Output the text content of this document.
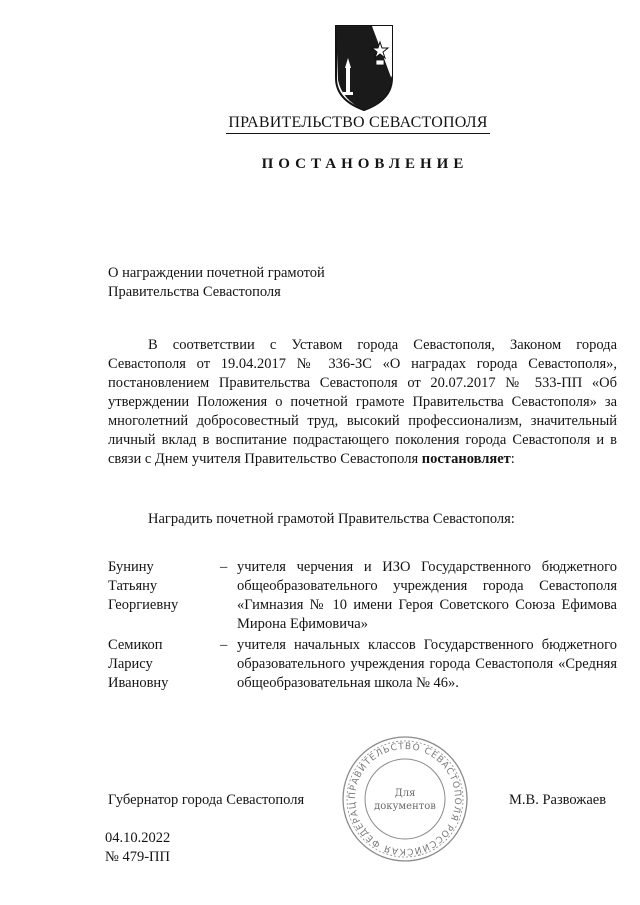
ПРАВИТЕЛЬСТВО СЕВАСТОПОЛЯ
ПОСТАНОВЛЕНИЕ
О награждении почетной грамотой
Правительства Севастополя

В соответствии с Уставом города Севастополя, Законом города Севастополя от 19.04.2017 № 336-ЗС «О наградах города Севастополя», постановлением Правительства Севастополя от 20.07.2017 № 533-ПП «Об утверждении Положения о почетной грамоте Правительства Севастополя» за многолетний добросовестный труд, высокий профессионализм, значительный личный вклад в воспитание подрастающего поколения города Севастополя и в связи с Днем учителя Правительство Севастополя постановляет:

Наградить почетной грамотой Правительства Севастополя:
Бунину
Татьяну
Георгиевну
– учителя черчения и ИЗО Государственного бюджетного общеобразовательного учреждения города Севастополя «Гимназия № 10 имени Героя Советского Союза Ефимова Мирона Ефимовича»
Семикоп
Ларису
Ивановну
– учителя начальных классов Государственного бюджетного образовательного учреждения города Севастополя «Средняя общеобразовательная школа № 46».
ПРАВИТЕЛЬСТВО СЕВАСТОПОЛЯ РОССИЙСКАЯ ФЕДЕРАЦ
Для
документов
Губернатор города Севастополя	М.В. Развожаев
04.10.2022
№ 479-ПП
